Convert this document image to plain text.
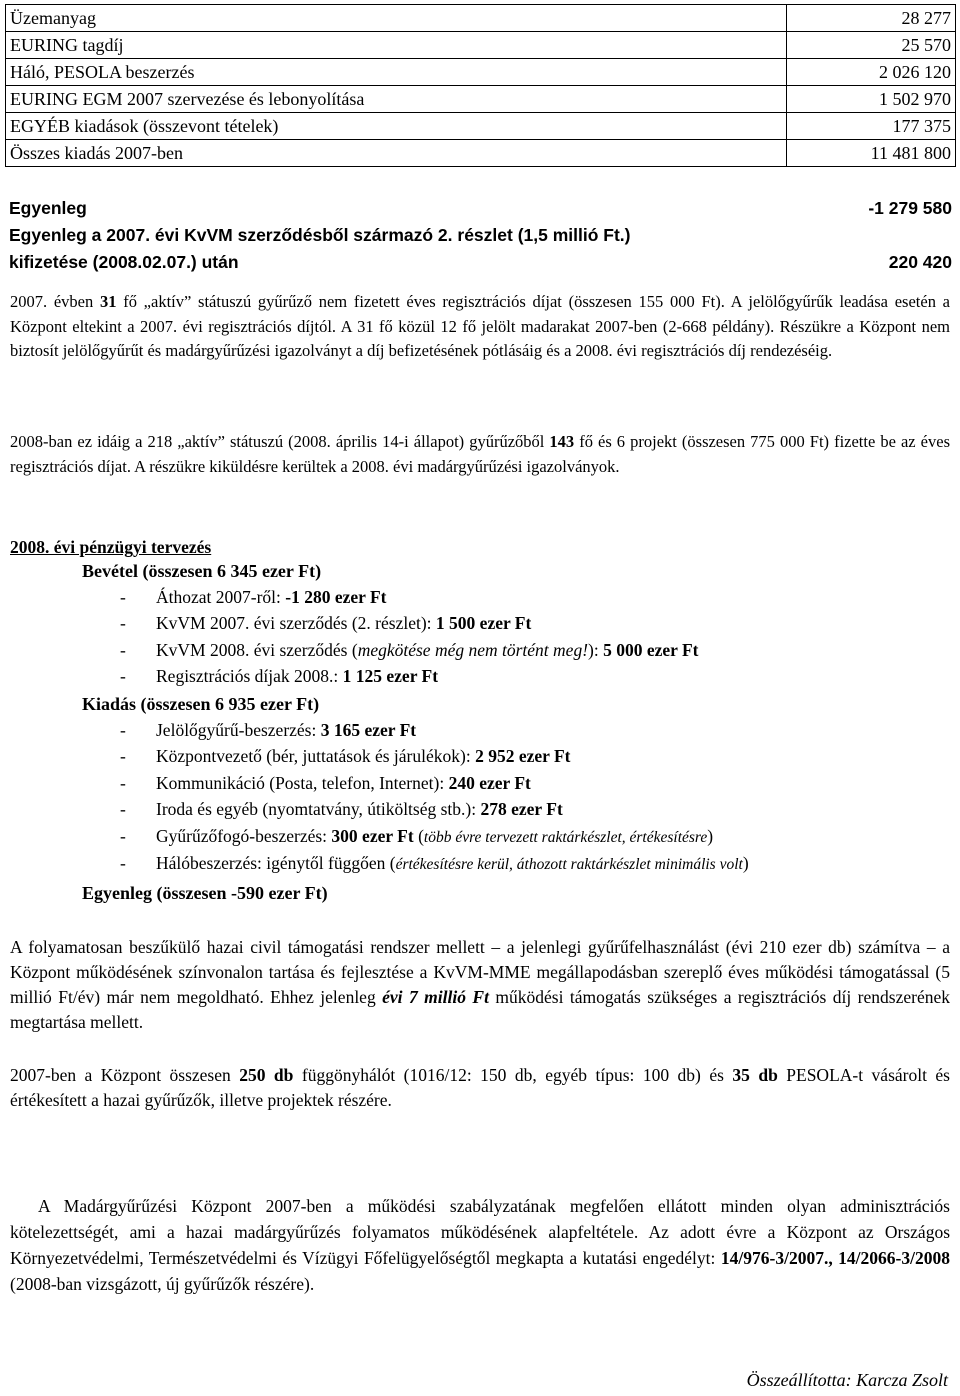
Üzemanyag	28 277
EURING tagdíj	25 570
Háló, PESOLA beszerzés	2 026 120
EURING EGM 2007 szervezése és lebonyolítása	1 502 970
EGYÉB kiadások (összevont tételek)	177 375
Összes kiadás 2007-ben	11 481 800
Egyenleg	-1 279 580
Egyenleg a 2007. évi KvVM szerződésből származó 2. részlet (1,5 millió Ft.)	
kifizetése (2008.02.07.) után	220 420
2007. évben 31 fő „aktív” státuszú gyűrűző nem fizetett éves regisztrációs díjat (összesen 155 000 Ft). A jelölőgyűrűk leadása esetén a Központ eltekint a 2007. évi regisztrációs díjtól. A 31 fő közül 12 fő jelölt madarakat 2007-ben (2-668 példány). Részükre a Központ nem biztosít jelölőgyűrűt és madárgyűrűzési igazolványt a díj befizetésének pótlásáig és a 2008. évi regisztrációs díj rendezéséig.
2008-ban ez idáig a 218 „aktív” státuszú (2008. április 14-i állapot) gyűrűzőből 143 fő és 6 projekt (összesen 775 000 Ft) fizette be az éves regisztrációs díjat. A részükre kiküldésre kerültek a 2008. évi madárgyűrűzési igazolványok.
2008. évi pénzügyi tervezés
Bevétel (összesen 6 345 ezer Ft)
- Áthozat 2007-ről: -1 280 ezer Ft
- KvVM 2007. évi szerződés (2. részlet): 1 500 ezer Ft
- KvVM 2008. évi szerződés (megkötése még nem történt meg!): 5 000 ezer Ft
- Regisztrációs díjak 2008.: 1 125 ezer Ft
Kiadás (összesen 6 935 ezer Ft)
- Jelölőgyűrű-beszerzés: 3 165 ezer Ft
- Központvezető (bér, juttatások és járulékok): 2 952 ezer Ft
- Kommunikáció (Posta, telefon, Internet): 240 ezer Ft
- Iroda és egyéb (nyomtatvány, útiköltség stb.): 278 ezer Ft
- Gyűrűzőfogó-beszerzés: 300 ezer Ft (több évre tervezett raktárkészlet, értékesítésre)
- Hálóbeszerzés: igénytől függően (értékesítésre kerül, áthozott raktárkészlet minimális volt)
Egyenleg (összesen -590 ezer Ft)
A folyamatosan beszűkülő hazai civil támogatási rendszer mellett – a jelenlegi gyűrűfelhasználást (évi 210 ezer db) számítva – a Központ működésének színvonalon tartása és fejlesztése a KvVM-MME megállapodásban szereplő éves működési támogatással (5 millió Ft/év) már nem megoldható. Ehhez jelenleg évi 7 millió Ft működési támogatás szükséges a regisztrációs díj rendszerének megtartása mellett.
2007-ben a Központ összesen 250 db függönyhálót (1016/12: 150 db, egyéb típus: 100 db) és 35 db PESOLA-t vásárolt és értékesített a hazai gyűrűzők, illetve projektek részére.
A Madárgyűrűzési Központ 2007-ben a működési szabályzatának megfelően ellátott minden olyan adminisztrációs kötelezettségét, ami a hazai madárgyűrűzés folyamatos működésének alapfeltétele. Az adott évre a Központ az Országos Környezetvédelmi, Természetvédelmi és Vízügyi Főfelügyelőségtől megkapta a kutatási engedélyt: 14/976-3/2007., 14/2066-3/2008 (2008-ban vizsgázott, új gyűrűzők részére).
Összeállította: Karcza Zsolt
